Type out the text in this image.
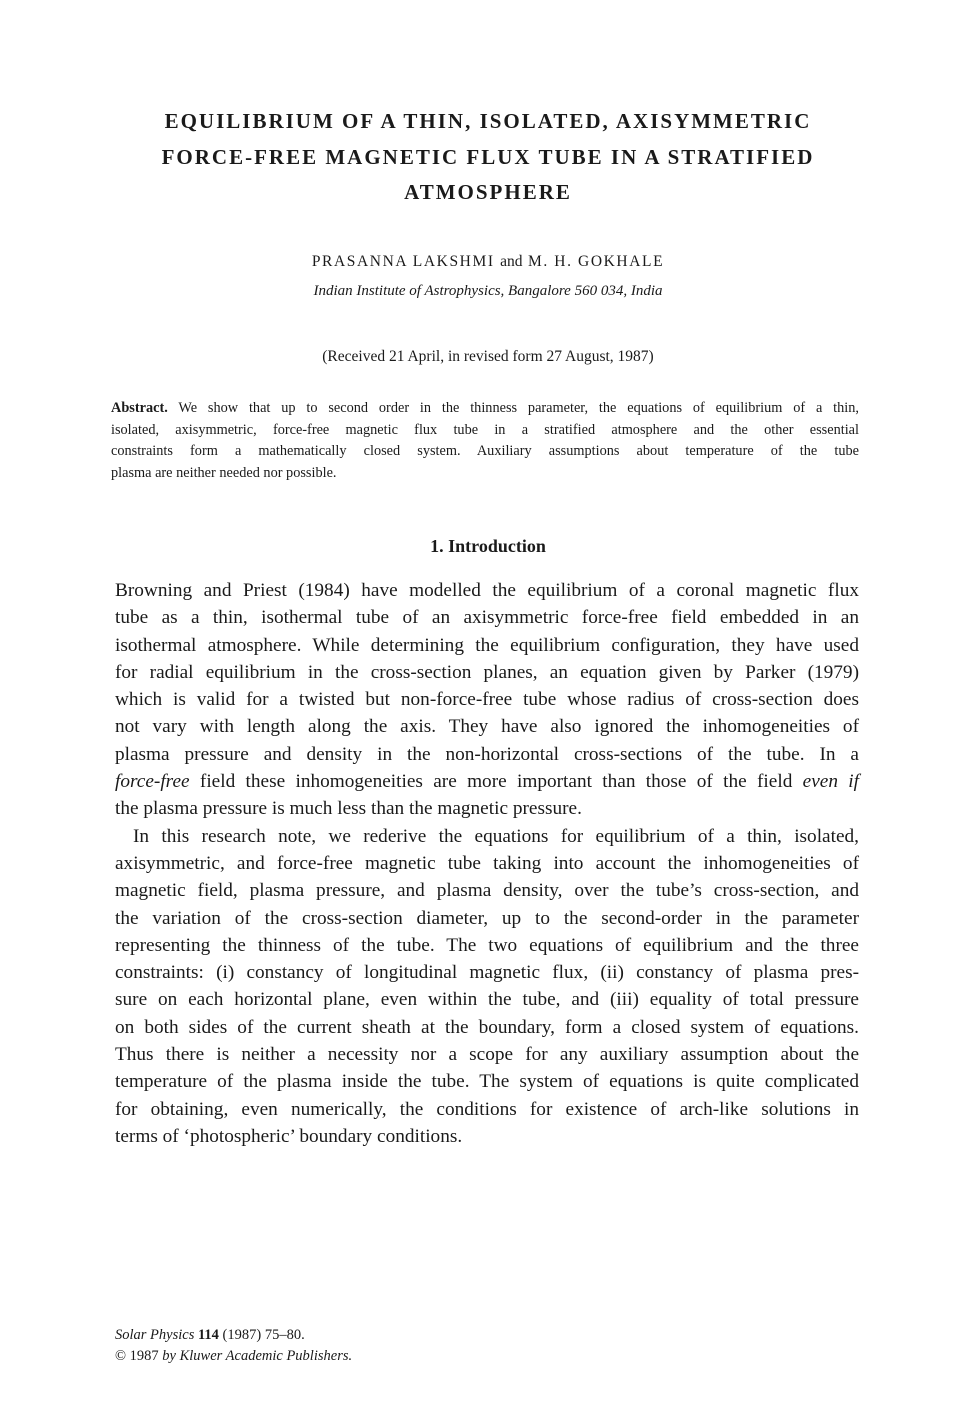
EQUILIBRIUM OF A THIN, ISOLATED, AXISYMMETRIC
FORCE-FREE MAGNETIC FLUX TUBE IN A STRATIFIED
ATMOSPHERE
PRASANNA LAKSHMI and M. H. GOKHALE
Indian Institute of Astrophysics, Bangalore 560 034, India
(Received 21 April, in revised form 27 August, 1987)
Abstract. We show that up to second order in the thinness parameter, the equations of equilibrium of a thin,
isolated, axisymmetric, force-free magnetic flux tube in a stratified atmosphere and the other essential
constraints form a mathematically closed system. Auxiliary assumptions about temperature of the tube
plasma are neither needed nor possible.
1. Introduction
Browning and Priest (1984) have modelled the equilibrium of a coronal magnetic flux
tube as a thin, isothermal tube of an axisymmetric force-free field embedded in an
isothermal atmosphere. While determining the equilibrium configuration, they have used
for radial equilibrium in the cross-section planes, an equation given by Parker (1979)
which is valid for a twisted but non-force-free tube whose radius of cross-section does
not vary with length along the axis. They have also ignored the inhomogeneities of
plasma pressure and density in the non-horizontal cross-sections of the tube. In a
force-free field these inhomogeneities are more important than those of the field even if
the plasma pressure is much less than the magnetic pressure.
In this research note, we rederive the equations for equilibrium of a thin, isolated,
axisymmetric, and force-free magnetic tube taking into account the inhomogeneities of
magnetic field, plasma pressure, and plasma density, over the tube’s cross-section, and
the variation of the cross-section diameter, up to the second-order in the parameter
representing the thinness of the tube. The two equations of equilibrium and the three
constraints: (i) constancy of longitudinal magnetic flux, (ii) constancy of plasma pres-
sure on each horizontal plane, even within the tube, and (iii) equality of total pressure
on both sides of the current sheath at the boundary, form a closed system of equations.
Thus there is neither a necessity nor a scope for any auxiliary assumption about the
temperature of the plasma inside the tube. The system of equations is quite complicated
for obtaining, even numerically, the conditions for existence of arch-like solutions in
terms of ‘photospheric’ boundary conditions.
Solar Physics 114 (1987) 75–80.
© 1987 by Kluwer Academic Publishers.
